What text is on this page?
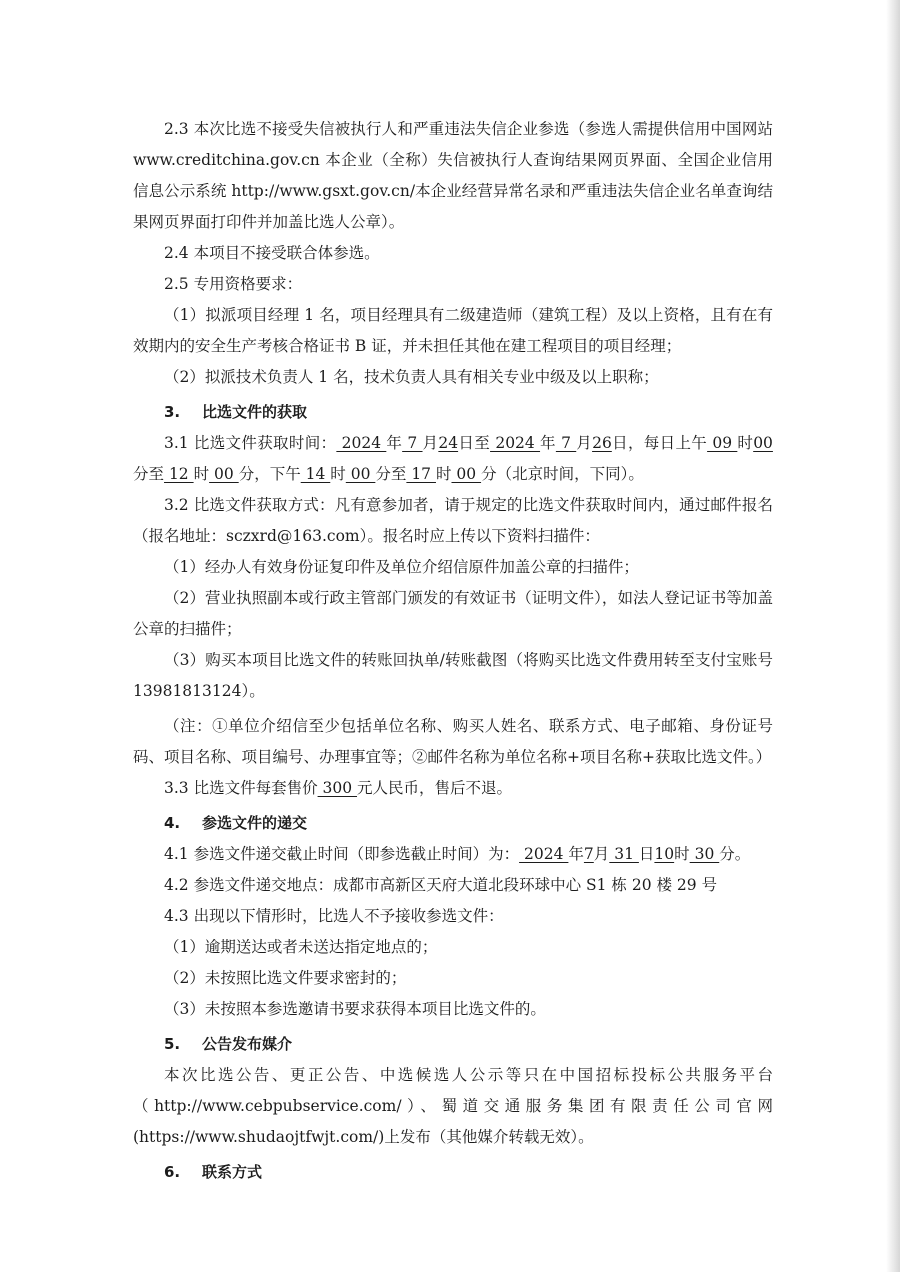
2.3 本次比选不接受失信被执行人和严重违法失信企业参选（参选人需提供信用中国网站 www.creditchina.gov.cn 本企业（全称）失信被执行人查询结果网页界面、全国企业信用信息公示系统 http://www.gsxt.gov.cn/本企业经营异常名录和严重违法失信企业名单查询结果网页界面打印件并加盖比选人公章）。

2.4 本项目不接受联合体参选。

2.5 专用资格要求：

（1）拟派项目经理 1 名，项目经理具有二级建造师（建筑工程）及以上资格，且有在有效期内的安全生产考核合格证书 B 证，并未担任其他在建工程项目的项目经理；

（2）拟派技术负责人 1 名，技术负责人具有相关专业中级及以上职称；

3. 比选文件的获取

3.1 比选文件获取时间： 2024 年 7 月24日至 2024 年 7 月26日，每日上午 09 时00分至 12 时 00 分，下午 14 时 00 分至 17 时 00 分（北京时间，下同）。

3.2 比选文件获取方式：凡有意参加者，请于规定的比选文件获取时间内，通过邮件报名（报名地址：sczxrd@163.com）。报名时应上传以下资料扫描件：

（1）经办人有效身份证复印件及单位介绍信原件加盖公章的扫描件；

（2）营业执照副本或行政主管部门颁发的有效证书（证明文件），如法人登记证书等加盖公章的扫描件；

（3）购买本项目比选文件的转账回执单/转账截图（将购买比选文件费用转至支付宝账号 13981813124）。

（注：①单位介绍信至少包括单位名称、购买人姓名、联系方式、电子邮箱、身份证号码、项目名称、项目编号、办理事宜等；②邮件名称为单位名称+项目名称+获取比选文件。）

3.3 比选文件每套售价 300 元人民币，售后不退。

4. 参选文件的递交

4.1 参选文件递交截止时间（即参选截止时间）为： 2024 年7月 31 日10时 30 分。

4.2 参选文件递交地点：成都市高新区天府大道北段环球中心 S1 栋 20 楼 29 号

4.3 出现以下情形时，比选人不予接收参选文件：

（1）逾期送达或者未送达指定地点的；

（2）未按照比选文件要求密封的；

（3）未按照本参选邀请书要求获得本项目比选文件的。

5. 公告发布媒介

本次比选公告、更正公告、中选候选人公示等只在中国招标投标公共服务平台（http://www.cebpubservice.com/）、蜀道交通服务集团有限责任公司官网(https://www.shudaojtfwjt.com/)上发布（其他媒介转载无效）。

6. 联系方式
